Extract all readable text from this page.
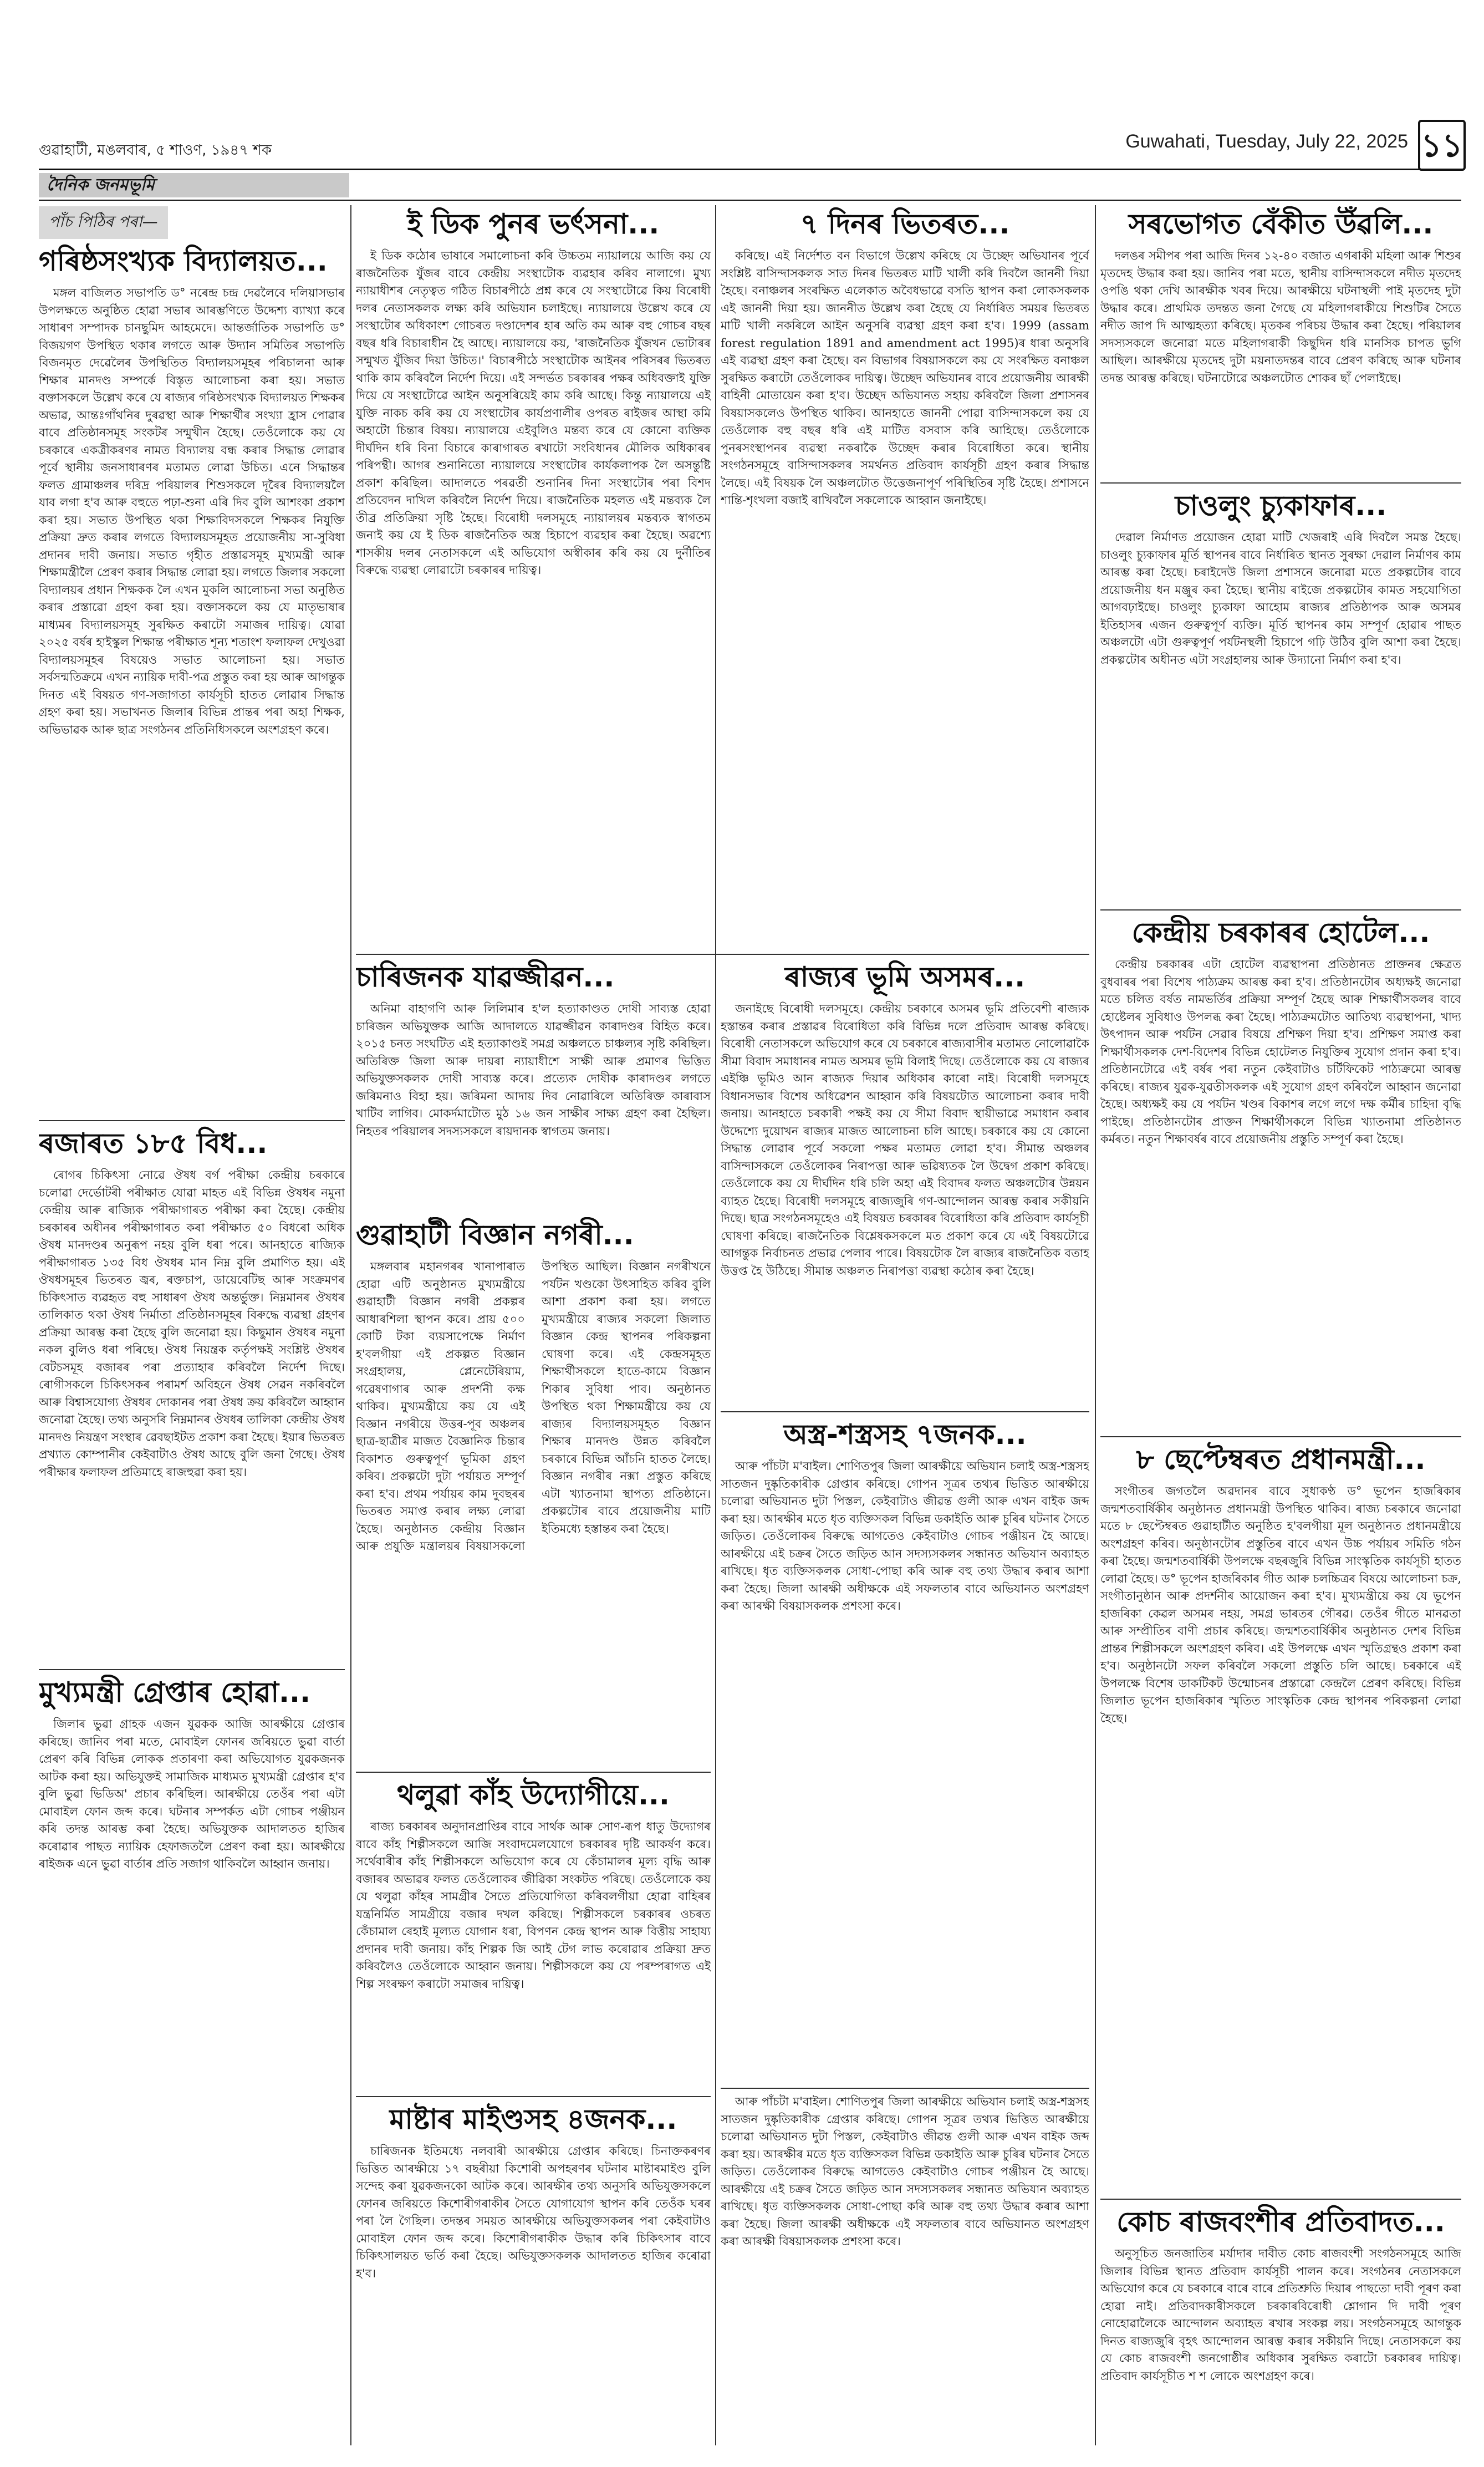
গুৱাহাটী, মঙলবাৰ, ৫ শাওণ, ১৯৪৭ শক	Guwahati, Tuesday, July 22, 2025 ১১
দৈনিক জনমভূমি
পাঁচ পিঠিৰ পৰা—
গৰিষ্ঠসংখ্যক বিদ্যালয়ত...

মঙ্গল বাজিলত সভাপতি ড° নৰেন্দ্ৰ চন্দ্ৰ দেৱলৈবে দলিয়াসভাৰ উপলক্ষতে অনুষ্ঠিত হোৱা সভাৰ আৰম্ভণিতে উদ্দেশ্য ব্যাখ্যা কৰে সাধাৰণ সম্পাদক চানছুমিদ আহমেদে। আন্তৰ্জাতিক সভাপতি ড° বিজয়গণ উপস্থিত থকাৰ লগতে আৰু উদ্যান সমিতিৰ সভাপতি বিজনমৃত দেৱেলৈৰ উপস্থিতিত বিদ্যালয়সমূহৰ পৰিচালনা আৰু শিক্ষাৰ মানদণ্ড সম্পৰ্কে বিস্তৃত আলোচনা কৰা হয়। সভাত বক্তাসকলে উল্লেখ কৰে যে ৰাজ্যৰ গৰিষ্ঠসংখ্যক বিদ্যালয়ত শিক্ষকৰ অভাৱ, আন্তঃগাঁথনিৰ দুৰৱস্থা আৰু শিক্ষাৰ্থীৰ সংখ্যা হ্ৰাস পোৱাৰ বাবে প্ৰতিষ্ঠানসমূহ সংকটৰ সন্মুখীন হৈছে। তেওঁলোকে কয় যে চৰকাৰে একত্ৰীকৰণৰ নামত বিদ্যালয় বন্ধ কৰাৰ সিদ্ধান্ত লোৱাৰ পূৰ্বে স্থানীয় জনসাধাৰণৰ মতামত লোৱা উচিত। এনে সিদ্ধান্তৰ ফলত গ্ৰামাঞ্চলৰ দৰিদ্ৰ পৰিয়ালৰ শিশুসকলে দূৰৈৰ বিদ্যালয়লৈ যাব লগা হ'ব আৰু বহুতে পঢ়া-শুনা এৰি দিব বুলি আশংকা প্ৰকাশ কৰা হয়। সভাত উপস্থিত থকা শিক্ষাবিদসকলে শিক্ষকৰ নিযুক্তি প্ৰক্ৰিয়া দ্ৰুত কৰাৰ লগতে বিদ্যালয়সমূহত প্ৰয়োজনীয় সা-সুবিধা প্ৰদানৰ দাবী জনায়। সভাত গৃহীত প্ৰস্তাৱসমূহ মুখ্যমন্ত্ৰী আৰু শিক্ষামন্ত্ৰীলৈ প্ৰেৰণ কৰাৰ সিদ্ধান্ত লোৱা হয়। লগতে জিলাৰ সকলো বিদ্যালয়ৰ প্ৰধান শিক্ষকক লৈ এখন মুকলি আলোচনা সভা অনুষ্ঠিত কৰাৰ প্ৰস্তাৱো গ্ৰহণ কৰা হয়। বক্তাসকলে কয় যে মাতৃভাষাৰ মাধ্যমৰ বিদ্যালয়সমূহ সুৰক্ষিত কৰাটো সমাজৰ দায়িত্ব। যোৱা ২০২৫ বৰ্ষৰ হাইস্কুল শিক্ষান্ত পৰীক্ষাত শূন্য শতাংশ ফলাফল দেখুওৱা বিদ্যালয়সমূহৰ বিষয়েও সভাত আলোচনা হয়। সভাত সৰ্বসন্মতিক্ৰমে এখন ন্যায়িক দাবী-পত্ৰ প্ৰস্তুত কৰা হয় আৰু আগন্তুক দিনত এই বিষয়ত গণ-সজাগতা কাৰ্যসূচী হাতত লোৱাৰ সিদ্ধান্ত গ্ৰহণ কৰা হয়। সভাখনত জিলাৰ বিভিন্ন প্ৰান্তৰ পৰা অহা শিক্ষক, অভিভাৱক আৰু ছাত্ৰ সংগঠনৰ প্ৰতিনিধিসকলে অংশগ্ৰহণ কৰে।

ৰজাৰত ১৮৫ বিধ...

ৰোগৰ চিকিৎসা নোৱে ঔষধ বৰ্গ পৰীক্ষা কেন্দ্ৰীয় চৰকাৰে চলোৱা দেৰ্ভোটৰী পৰীক্ষাত যোৱা মাহত এই বিভিন্ন ঔষধৰ নমুনা কেন্দ্ৰীয় আৰু ৰাজ্যিক পৰীক্ষাগাৰত পৰীক্ষা কৰা হৈছে। কেন্দ্ৰীয় চৰকাৰৰ অধীনৰ পৰীক্ষাগাৰত কৰা পৰীক্ষাত ৫০ বিধৰো অধিক ঔষধ মানদণ্ডৰ অনুৰূপ নহয় বুলি ধৰা পৰে। আনহাতে ৰাজ্যিক পৰীক্ষাগাৰত ১৩৫ বিধ ঔষধৰ মান নিম্ন বুলি প্ৰমাণিত হয়। এই ঔষধসমূহৰ ভিতৰত জ্বৰ, ৰক্তচাপ, ডায়েবেটিছ আৰু সংক্ৰমণৰ চিকিৎসাত ব্যৱহৃত বহু সাধাৰণ ঔষধ অন্তৰ্ভুক্ত। নিম্নমানৰ ঔষধৰ তালিকাত থকা ঔষধ নিৰ্মাতা প্ৰতিষ্ঠানসমূহৰ বিৰুদ্ধে ব্যৱস্থা গ্ৰহণৰ প্ৰক্ৰিয়া আৰম্ভ কৰা হৈছে বুলি জনোৱা হয়। কিছুমান ঔষধৰ নমুনা নকল বুলিও ধৰা পৰিছে। ঔষধ নিয়ন্ত্ৰক কৰ্তৃপক্ষই সংশ্লিষ্ট ঔষধৰ বেটচসমূহ বজাৰৰ পৰা প্ৰত্যাহাৰ কৰিবলৈ নিৰ্দেশ দিছে। ৰোগীসকলে চিকিৎসকৰ পৰামৰ্শ অবিহনে ঔষধ সেৱন নকৰিবলৈ আৰু বিশ্বাসযোগ্য ঔষধৰ দোকানৰ পৰা ঔষধ ক্ৰয় কৰিবলৈ আহ্বান জনোৱা হৈছে। তথ্য অনুসৰি নিম্নমানৰ ঔষধৰ তালিকা কেন্দ্ৰীয় ঔষধ মানদণ্ড নিয়ন্ত্ৰণ সংস্থাৰ ৱেবছাইটত প্ৰকাশ কৰা হৈছে। ইয়াৰ ভিতৰত প্ৰখ্যাত কোম্পানীৰ কেইবাটাও ঔষধ আছে বুলি জনা গৈছে। ঔষধ পৰীক্ষাৰ ফলাফল প্ৰতিমাহে ৰাজহুৱা কৰা হয়।

মুখ্যমন্ত্ৰী গ্ৰেপ্তাৰ হোৱা...

জিলাৰ ভুৱা গ্ৰাহক এজন যুৱকক আজি আৰক্ষীয়ে গ্ৰেপ্তাৰ কৰিছে। জানিব পৰা মতে, মোবাইল ফোনৰ জৰিয়তে ভুৱা বাৰ্তা প্ৰেৰণ কৰি বিভিন্ন লোকক প্ৰতাৰণা কৰা অভিযোগত যুৱকজনক আটক কৰা হয়। অভিযুক্তই সামাজিক মাধ্যমত মুখ্যমন্ত্ৰী গ্ৰেপ্তাৰ হ'ব বুলি ভুৱা ভিডিঅ' প্ৰচাৰ কৰিছিল। আৰক্ষীয়ে তেওঁৰ পৰা এটা মোবাইল ফোন জব্দ কৰে। ঘটনাৰ সম্পৰ্কত এটা গোচৰ পঞ্জীয়ন কৰি তদন্ত আৰম্ভ কৰা হৈছে। অভিযুক্তক আদালতত হাজিৰ কৰোৱাৰ পাছত ন্যায়িক হেফাজতলৈ প্ৰেৰণ কৰা হয়। আৰক্ষীয়ে ৰাইজক এনে ভুৱা বাৰ্তাৰ প্ৰতি সজাগ থাকিবলৈ আহ্বান জনায়।

ই ডিক পুনৰ ভৰ্ৎসনা...

ই ডিক কঠোৰ ভাষাৰে সমালোচনা কৰি উচ্চতম ন্যায়ালয়ে আজি কয় যে ৰাজনৈতিক যুঁজৰ বাবে কেন্দ্ৰীয় সংস্থাটোক ব্যৱহাৰ কৰিব নালাগে। মুখ্য ন্যায়াধীশৰ নেতৃত্বত গঠিত বিচাৰপীঠে প্ৰশ্ন কৰে যে সংস্থাটোৱে কিয় বিৰোধী দলৰ নেতাসকলক লক্ষ্য কৰি অভিযান চলাইছে। ন্যায়ালয়ে উল্লেখ কৰে যে সংস্থাটোৰ অধিকাংশ গোচৰত দণ্ডাদেশৰ হাৰ অতি কম আৰু বহু গোচৰ বছৰ বছৰ ধৰি বিচাৰাধীন হৈ আছে। ন্যায়ালয়ে কয়, 'ৰাজনৈতিক যুঁজখন ভোটাৰৰ সন্মুখত যুঁজিব দিয়া উচিত।' বিচাৰপীঠে সংস্থাটোক আইনৰ পৰিসৰৰ ভিতৰত থাকি কাম কৰিবলৈ নিৰ্দেশ দিয়ে। এই সন্দৰ্ভত চৰকাৰৰ পক্ষৰ অধিবক্তাই যুক্তি দিয়ে যে সংস্থাটোৱে আইন অনুসৰিয়েই কাম কৰি আছে। কিন্তু ন্যায়ালয়ে এই যুক্তি নাকচ কৰি কয় যে সংস্থাটোৰ কাৰ্যপ্ৰণালীৰ ওপৰত ৰাইজৰ আস্থা কমি অহাটো চিন্তাৰ বিষয়। ন্যায়ালয়ে এইবুলিও মন্তব্য কৰে যে কোনো ব্যক্তিক দীৰ্ঘদিন ধৰি বিনা বিচাৰে কাৰাগাৰত ৰখাটো সংবিধানৰ মৌলিক অধিকাৰৰ পৰিপন্থী। আগৰ শুনানিতো ন্যায়ালয়ে সংস্থাটোৰ কাৰ্যকলাপক লৈ অসন্তুষ্টি প্ৰকাশ কৰিছিল। আদালতে পৰৱৰ্তী শুনানিৰ দিনা সংস্থাটোৰ পৰা বিশদ প্ৰতিবেদন দাখিল কৰিবলৈ নিৰ্দেশ দিয়ে। ৰাজনৈতিক মহলত এই মন্তব্যক লৈ তীব্ৰ প্ৰতিক্ৰিয়া সৃষ্টি হৈছে। বিৰোধী দলসমূহে ন্যায়ালয়ৰ মন্তব্যক স্বাগতম জনাই কয় যে ই ডিক ৰাজনৈতিক অস্ত্ৰ হিচাপে ব্যৱহাৰ কৰা হৈছে। অৱশ্যে শাসকীয় দলৰ নেতাসকলে এই অভিযোগ অস্বীকাৰ কৰি কয় যে দুৰ্নীতিৰ বিৰুদ্ধে ব্যৱস্থা লোৱাটো চৰকাৰৰ দায়িত্ব।

৭ দিনৰ ভিতৰত...

কৰিছে। এই নিৰ্দেশত বন বিভাগে উল্লেখ কৰিছে যে উচ্ছেদ অভিযানৰ পূৰ্বে সংশ্লিষ্ট বাসিন্দাসকলক সাত দিনৰ ভিতৰত মাটি খালী কৰি দিবলৈ জাননী দিয়া হৈছে। বনাঞ্চলৰ সংৰক্ষিত এলেকাত অবৈধভাৱে বসতি স্থাপন কৰা লোকসকলক এই জাননী দিয়া হয়। জাননীত উল্লেখ কৰা হৈছে যে নিৰ্ধাৰিত সময়ৰ ভিতৰত মাটি খালী নকৰিলে আইন অনুসৰি ব্যৱস্থা গ্ৰহণ কৰা হ'ব। 1999 (assam forest regulation 1891 and amendment act 1995)ৰ ধাৰা অনুসৰি এই ব্যৱস্থা গ্ৰহণ কৰা হৈছে। বন বিভাগৰ বিষয়াসকলে কয় যে সংৰক্ষিত বনাঞ্চল সুৰক্ষিত কৰাটো তেওঁলোকৰ দায়িত্ব। উচ্ছেদ অভিযানৰ বাবে প্ৰয়োজনীয় আৰক্ষী বাহিনী মোতায়েন কৰা হ'ব। উচ্ছেদ অভিযানত সহায় কৰিবলৈ জিলা প্ৰশাসনৰ বিষয়াসকলেও উপস্থিত থাকিব। আনহাতে জাননী পোৱা বাসিন্দাসকলে কয় যে তেওঁলোক বহু বছৰ ধৰি এই মাটিত বসবাস কৰি আহিছে। তেওঁলোকে পুনৰসংস্থাপনৰ ব্যৱস্থা নকৰাকৈ উচ্ছেদ কৰাৰ বিৰোধিতা কৰে। স্থানীয় সংগঠনসমূহে বাসিন্দাসকলৰ সমৰ্থনত প্ৰতিবাদ কাৰ্যসূচী গ্ৰহণ কৰাৰ সিদ্ধান্ত লৈছে। এই বিষয়ক লৈ অঞ্চলটোত উত্তেজনাপূৰ্ণ পৰিস্থিতিৰ সৃষ্টি হৈছে। প্ৰশাসনে শান্তি-শৃংখলা বজাই ৰাখিবলৈ সকলোকে আহ্বান জনাইছে।

চাৰিজনক যাৱজ্জীৱন...

অনিমা বাহাগণি আৰু লিলিমাৰ হ'ল হত্যাকাণ্ডত দোষী সাব্যস্ত হোৱা চাৰিজন অভিযুক্তক আজি আদালতে যাৱজ্জীৱন কাৰাদণ্ডৰ বিহিত কৰে। ২০১৫ চনত সংঘটিত এই হত্যাকাণ্ডই সমগ্ৰ অঞ্চলতে চাঞ্চল্যৰ সৃষ্টি কৰিছিল। অতিৰিক্ত জিলা আৰু দায়ৰা ন্যায়াধীশে সাক্ষী আৰু প্ৰমাণৰ ভিত্তিত অভিযুক্তসকলক দোষী সাব্যস্ত কৰে। প্ৰত্যেক দোষীক কাৰাদণ্ডৰ লগতে জৰিমনাও বিহা হয়। জৰিমনা আদায় দিব নোৱাৰিলে অতিৰিক্ত কাৰাবাস খাটিব লাগিব। মোকৰ্দমাটোত মুঠ ১৬ জন সাক্ষীৰ সাক্ষ্য গ্ৰহণ কৰা হৈছিল। নিহতৰ পৰিয়ালৰ সদস্যসকলে ৰায়দানক স্বাগতম জনায়।

গুৱাহাটী বিজ্ঞান নগৰী...

মঙ্গলবাৰ মহানগৰৰ খানাপাৰাত হোৱা এটি অনুষ্ঠানত মুখ্যমন্ত্ৰীয়ে গুৱাহাটী বিজ্ঞান নগৰী প্ৰকল্পৰ আধাৰশিলা স্থাপন কৰে। প্ৰায় ৫০০ কোটি টকা ব্যয়সাপেক্ষে নিৰ্মাণ হ'বলগীয়া এই প্ৰকল্পত বিজ্ঞান সংগ্ৰহালয়, প্লেনেটেৰিয়াম, গৱেষণাগাৰ আৰু প্ৰদৰ্শনী কক্ষ থাকিব। মুখ্যমন্ত্ৰীয়ে কয় যে এই বিজ্ঞান নগৰীয়ে উত্তৰ-পূব অঞ্চলৰ ছাত্ৰ-ছাত্ৰীৰ মাজত বৈজ্ঞানিক চিন্তাৰ বিকাশত গুৰুত্বপূৰ্ণ ভূমিকা গ্ৰহণ কৰিব। প্ৰকল্পটো দুটা পৰ্যায়ত সম্পূৰ্ণ কৰা হ'ব। প্ৰথম পৰ্যায়ৰ কাম দুবছৰৰ ভিতৰত সমাপ্ত কৰাৰ লক্ষ্য লোৱা হৈছে। অনুষ্ঠানত কেন্দ্ৰীয় বিজ্ঞান আৰু প্ৰযুক্তি মন্ত্ৰালয়ৰ বিষয়াসকলো উপস্থিত আছিল। বিজ্ঞান নগৰীখনে পৰ্যটন খণ্ডকো উৎসাহিত কৰিব বুলি আশা প্ৰকাশ কৰা হয়। লগতে মুখ্যমন্ত্ৰীয়ে ৰাজ্যৰ সকলো জিলাত বিজ্ঞান কেন্দ্ৰ স্থাপনৰ পৰিকল্পনা ঘোষণা কৰে। এই কেন্দ্ৰসমূহত শিক্ষাৰ্থীসকলে হাতে-কামে বিজ্ঞান শিকাৰ সুবিধা পাব। অনুষ্ঠানত উপস্থিত থকা শিক্ষামন্ত্ৰীয়ে কয় যে ৰাজ্যৰ বিদ্যালয়সমূহত বিজ্ঞান শিক্ষাৰ মানদণ্ড উন্নত কৰিবলৈ চৰকাৰে বিভিন্ন আঁচনি হাতত লৈছে। বিজ্ঞান নগৰীৰ নক্সা প্ৰস্তুত কৰিছে এটা খ্যাতনামা স্থাপত্য প্ৰতিষ্ঠানে। প্ৰকল্পটোৰ বাবে প্ৰয়োজনীয় মাটি ইতিমধ্যে হস্তান্তৰ কৰা হৈছে।

থলুৱা কাঁহ উদ্যোগীয়ে...

ৰাজ্য চৰকাৰৰ অনুদানপ্ৰাপ্তিৰ বাবে সাৰ্থক আৰু সোণ-ৰূপ ধাতু উদ্যোগৰ বাবে কাঁহ শিল্পীসকলে আজি সংবাদমেলযোগে চৰকাৰৰ দৃষ্টি আকৰ্ষণ কৰে। সৰ্থেবাৰীৰ কাঁহ শিল্পীসকলে অভিযোগ কৰে যে কেঁচামালৰ মূল্য বৃদ্ধি আৰু বজাৰৰ অভাৱৰ ফলত তেওঁলোকৰ জীৱিকা সংকটত পৰিছে। তেওঁলোকে কয় যে থলুৱা কাঁহৰ সামগ্ৰীৰ সৈতে প্ৰতিযোগিতা কৰিবলগীয়া হোৱা বাহিৰৰ যন্ত্ৰনিৰ্মিত সামগ্ৰীয়ে বজাৰ দখল কৰিছে। শিল্পীসকলে চৰকাৰৰ ওচৰত কেঁচামাল ৰেহাই মূল্যত যোগান ধৰা, বিপণন কেন্দ্ৰ স্থাপন আৰু বিত্তীয় সাহায্য প্ৰদানৰ দাবী জনায়। কাঁহ শিল্পক জি আই টেগ লাভ কৰোৱাৰ প্ৰক্ৰিয়া দ্ৰুত কৰিবলৈও তেওঁলোকে আহ্বান জনায়। শিল্পীসকলে কয় যে পৰম্পৰাগত এই শিল্প সংৰক্ষণ কৰাটো সমাজৰ দায়িত্ব।

মাষ্টাৰ মাইণ্ডসহ ৪জনক...

চাৰিজনক ইতিমধ্যে নলবাৰী আৰক্ষীয়ে গ্ৰেপ্তাৰ কৰিছে। চিনাক্তকৰণৰ ভিত্তিত আৰক্ষীয়ে ১৭ বছৰীয়া কিশোৰী অপহৰণৰ ঘটনাৰ মাষ্টাৰমাইণ্ড বুলি সন্দেহ কৰা যুৱকজনকো আটক কৰে। আৰক্ষীৰ তথ্য অনুসৰি অভিযুক্তসকলে ফোনৰ জৰিয়তে কিশোৰীগৰাকীৰ সৈতে যোগাযোগ স্থাপন কৰি তেওঁক ঘৰৰ পৰা লৈ গৈছিল। তদন্তৰ সময়ত আৰক্ষীয়ে অভিযুক্তসকলৰ পৰা কেইবাটাও মোবাইল ফোন জব্দ কৰে। কিশোৰীগৰাকীক উদ্ধাৰ কৰি চিকিৎসাৰ বাবে চিকিৎসালয়ত ভৰ্তি কৰা হৈছে। অভিযুক্তসকলক আদালতত হাজিৰ কৰোৱা হ'ব।

ৰাজ্যৰ ভূমি অসমৰ...

জনাইছে বিৰোধী দলসমূহে। কেন্দ্ৰীয় চৰকাৰে অসমৰ ভূমি প্ৰতিবেশী ৰাজ্যক হস্তান্তৰ কৰাৰ প্ৰস্তাৱৰ বিৰোধিতা কৰি বিভিন্ন দলে প্ৰতিবাদ আৰম্ভ কৰিছে। বিৰোধী নেতাসকলে অভিযোগ কৰে যে চৰকাৰে ৰাজ্যবাসীৰ মতামত নোলোৱাকৈ সীমা বিবাদ সমাধানৰ নামত অসমৰ ভূমি বিলাই দিছে। তেওঁলোকে কয় যে ৰাজ্যৰ এইঞ্চি ভূমিও আন ৰাজ্যক দিয়াৰ অধিকাৰ কাৰো নাই। বিৰোধী দলসমূহে বিধানসভাৰ বিশেষ অধিৱেশন আহ্বান কৰি বিষয়টোত আলোচনা কৰাৰ দাবী জনায়। আনহাতে চৰকাৰী পক্ষই কয় যে সীমা বিবাদ স্থায়ীভাৱে সমাধান কৰাৰ উদ্দেশ্যে দুয়োখন ৰাজ্যৰ মাজত আলোচনা চলি আছে। চৰকাৰে কয় যে কোনো সিদ্ধান্ত লোৱাৰ পূৰ্বে সকলো পক্ষৰ মতামত লোৱা হ'ব। সীমান্ত অঞ্চলৰ বাসিন্দাসকলে তেওঁলোকৰ নিৰাপত্তা আৰু ভৱিষ্যতক লৈ উদ্বেগ প্ৰকাশ কৰিছে। তেওঁলোকে কয় যে দীৰ্ঘদিন ধৰি চলি অহা এই বিবাদৰ ফলত অঞ্চলটোৰ উন্নয়ন ব্যাহত হৈছে। বিৰোধী দলসমূহে ৰাজ্যজুৰি গণ-আন্দোলন আৰম্ভ কৰাৰ সকীয়নি দিছে। ছাত্ৰ সংগঠনসমূহেও এই বিষয়ত চৰকাৰৰ বিৰোধিতা কৰি প্ৰতিবাদ কাৰ্যসূচী ঘোষণা কৰিছে। ৰাজনৈতিক বিশ্লেষকসকলে মত প্ৰকাশ কৰে যে এই বিষয়টোৱে আগন্তুক নিৰ্বাচনত প্ৰভাৱ পেলাব পাৰে। বিষয়টোক লৈ ৰাজ্যৰ ৰাজনৈতিক বতাহ উত্তপ্ত হৈ উঠিছে। সীমান্ত অঞ্চলত নিৰাপত্তা ব্যৱস্থা কঠোৰ কৰা হৈছে।

অস্ত্ৰ-শস্ত্ৰসহ ৭জনক...

আৰু পাঁচটা ম'বাইল। শোণিতপুৰ জিলা আৰক্ষীয়ে অভিযান চলাই অস্ত্ৰ-শস্ত্ৰসহ সাতজন দুষ্কৃতিকাৰীক গ্ৰেপ্তাৰ কৰিছে। গোপন সূত্ৰৰ তথ্যৰ ভিত্তিত আৰক্ষীয়ে চলোৱা অভিযানত দুটা পিস্তল, কেইবাটাও জীৱন্ত গুলী আৰু এখন বাইক জব্দ কৰা হয়। আৰক্ষীৰ মতে ধৃত ব্যক্তিসকল বিভিন্ন ডকাইতি আৰু চুৰিৰ ঘটনাৰ সৈতে জড়িত। তেওঁলোকৰ বিৰুদ্ধে আগতেও কেইবাটাও গোচৰ পঞ্জীয়ন হৈ আছে। আৰক্ষীয়ে এই চক্ৰৰ সৈতে জড়িত আন সদস্যসকলৰ সন্ধানত অভিযান অব্যাহত ৰাখিছে। ধৃত ব্যক্তিসকলক সোধা-পোছা কৰি আৰু বহু তথ্য উদ্ধাৰ কৰাৰ আশা কৰা হৈছে। জিলা আৰক্ষী অধীক্ষকে এই সফলতাৰ বাবে অভিযানত অংশগ্ৰহণ কৰা আৰক্ষী বিষয়াসকলক প্ৰশংসা কৰে।

আৰু পাঁচটা ম'বাইল। শোণিতপুৰ জিলা আৰক্ষীয়ে অভিযান চলাই অস্ত্ৰ-শস্ত্ৰসহ সাতজন দুষ্কৃতিকাৰীক গ্ৰেপ্তাৰ কৰিছে। গোপন সূত্ৰৰ তথ্যৰ ভিত্তিত আৰক্ষীয়ে চলোৱা অভিযানত দুটা পিস্তল, কেইবাটাও জীৱন্ত গুলী আৰু এখন বাইক জব্দ কৰা হয়। আৰক্ষীৰ মতে ধৃত ব্যক্তিসকল বিভিন্ন ডকাইতি আৰু চুৰিৰ ঘটনাৰ সৈতে জড়িত। তেওঁলোকৰ বিৰুদ্ধে আগতেও কেইবাটাও গোচৰ পঞ্জীয়ন হৈ আছে। আৰক্ষীয়ে এই চক্ৰৰ সৈতে জড়িত আন সদস্যসকলৰ সন্ধানত অভিযান অব্যাহত ৰাখিছে। ধৃত ব্যক্তিসকলক সোধা-পোছা কৰি আৰু বহু তথ্য উদ্ধাৰ কৰাৰ আশা কৰা হৈছে। জিলা আৰক্ষী অধীক্ষকে এই সফলতাৰ বাবে অভিযানত অংশগ্ৰহণ কৰা আৰক্ষী বিষয়াসকলক প্ৰশংসা কৰে।

সৰভোগত বেঁকীত উঁৱলি...

দলঙৰ সমীপৰ পৰা আজি দিনৰ ১২-৪০ বজাত এগৰাকী মহিলা আৰু শিশুৰ মৃতদেহ উদ্ধাৰ কৰা হয়। জানিব পৰা মতে, স্থানীয় বাসিন্দাসকলে নদীত মৃতদেহ ওপঙি থকা দেখি আৰক্ষীক খবৰ দিয়ে। আৰক্ষীয়ে ঘটনাস্থলী পাই মৃতদেহ দুটা উদ্ধাৰ কৰে। প্ৰাথমিক তদন্তত জনা গৈছে যে মহিলাগৰাকীয়ে শিশুটিৰ সৈতে নদীত জাপ দি আত্মহত্যা কৰিছে। মৃতকৰ পৰিচয় উদ্ধাৰ কৰা হৈছে। পৰিয়ালৰ সদস্যসকলে জনোৱা মতে মহিলাগৰাকী কিছুদিন ধৰি মানসিক চাপত ভুগি আছিল। আৰক্ষীয়ে মৃতদেহ দুটা ময়নাতদন্তৰ বাবে প্ৰেৰণ কৰিছে আৰু ঘটনাৰ তদন্ত আৰম্ভ কৰিছে। ঘটনাটোৱে অঞ্চলটোত শোকৰ ছাঁ পেলাইছে।

চাওলুং চ্যুকাফাৰ...

দেৱাল নিৰ্মাণত প্ৰয়োজন হোৱা মাটি খেজৰাই এৰি দিবলৈ সমস্ত হৈছে। চাওলুং চ্যুকাফাৰ মূৰ্তি স্থাপনৰ বাবে নিৰ্ধাৰিত স্থানত সুৰক্ষা দেৱাল নিৰ্মাণৰ কাম আৰম্ভ কৰা হৈছে। চৰাইদেউ জিলা প্ৰশাসনে জনোৱা মতে প্ৰকল্পটোৰ বাবে প্ৰয়োজনীয় ধন মঞ্জুৰ কৰা হৈছে। স্থানীয় ৰাইজে প্ৰকল্পটোৰ কামত সহযোগিতা আগবঢ়াইছে। চাওলুং চ্যুকাফা আহোম ৰাজ্যৰ প্ৰতিষ্ঠাপক আৰু অসমৰ ইতিহাসৰ এজন গুৰুত্বপূৰ্ণ ব্যক্তি। মূৰ্তি স্থাপনৰ কাম সম্পূৰ্ণ হোৱাৰ পাছত অঞ্চলটো এটা গুৰুত্বপূৰ্ণ পৰ্যটনস্থলী হিচাপে গঢ়ি উঠিব বুলি আশা কৰা হৈছে। প্ৰকল্পটোৰ অধীনত এটা সংগ্ৰহালয় আৰু উদ্যানো নিৰ্মাণ কৰা হ'ব।

কেন্দ্ৰীয় চৰকাৰৰ হোটেল...

কেন্দ্ৰীয় চৰকাৰৰ এটা হোটেল ব্যৱস্থাপনা প্ৰতিষ্ঠানত প্ৰাক্তনৰ ক্ষেত্ৰত বুধবাৰৰ পৰা বিশেষ পাঠ্যক্ৰম আৰম্ভ কৰা হ'ব। প্ৰতিষ্ঠানটোৰ অধ্যক্ষই জনোৱা মতে চলিত বৰ্ষত নামভৰ্তিৰ প্ৰক্ৰিয়া সম্পূৰ্ণ হৈছে আৰু শিক্ষাৰ্থীসকলৰ বাবে হোষ্টেলৰ সুবিধাও উপলব্ধ কৰা হৈছে। পাঠ্যক্ৰমটোত আতিথ্য ব্যৱস্থাপনা, খাদ্য উৎপাদন আৰু পৰ্যটন সেৱাৰ বিষয়ে প্ৰশিক্ষণ দিয়া হ'ব। প্ৰশিক্ষণ সমাপ্ত কৰা শিক্ষাৰ্থীসকলক দেশ-বিদেশৰ বিভিন্ন হোটেলত নিযুক্তিৰ সুযোগ প্ৰদান কৰা হ'ব। প্ৰতিষ্ঠানটোৱে এই বৰ্ষৰ পৰা নতুন কেইবাটাও চৰ্টিফিকেট পাঠ্যক্ৰমো আৰম্ভ কৰিছে। ৰাজ্যৰ যুৱক-যুৱতীসকলক এই সুযোগ গ্ৰহণ কৰিবলৈ আহ্বান জনোৱা হৈছে। অধ্যক্ষই কয় যে পৰ্যটন খণ্ডৰ বিকাশৰ লগে লগে দক্ষ কৰ্মীৰ চাহিদা বৃদ্ধি পাইছে। প্ৰতিষ্ঠানটোৰ প্ৰাক্তন শিক্ষাৰ্থীসকলে বিভিন্ন খ্যাতনামা প্ৰতিষ্ঠানত কৰ্মৰত। নতুন শিক্ষাবৰ্ষৰ বাবে প্ৰয়োজনীয় প্ৰস্তুতি সম্পূৰ্ণ কৰা হৈছে।

৮ ছেপ্টেম্বৰত প্ৰধানমন্ত্ৰী...

সংগীতৰ জগতলৈ অৱদানৰ বাবে সুধাকণ্ঠ ড° ভূপেন হাজৰিকাৰ জন্মশতবাৰ্ষিকীৰ অনুষ্ঠানত প্ৰধানমন্ত্ৰী উপস্থিত থাকিব। ৰাজ্য চৰকাৰে জনোৱা মতে ৮ ছেপ্টেম্বৰত গুৱাহাটীত অনুষ্ঠিত হ'বলগীয়া মূল অনুষ্ঠানত প্ৰধানমন্ত্ৰীয়ে অংশগ্ৰহণ কৰিব। অনুষ্ঠানটোৰ প্ৰস্তুতিৰ বাবে এখন উচ্চ পৰ্যায়ৰ সমিতি গঠন কৰা হৈছে। জন্মশতবাৰ্ষিকী উপলক্ষে বছৰজুৰি বিভিন্ন সাংস্কৃতিক কাৰ্যসূচী হাতত লোৱা হৈছে। ড° ভূপেন হাজৰিকাৰ গীত আৰু চলচ্চিত্ৰৰ বিষয়ে আলোচনা চক্ৰ, সংগীতানুষ্ঠান আৰু প্ৰদৰ্শনীৰ আয়োজন কৰা হ'ব। মুখ্যমন্ত্ৰীয়ে কয় যে ভূপেন হাজৰিকা কেৱল অসমৰ নহয়, সমগ্ৰ ভাৰতৰ গৌৰৱ। তেওঁৰ গীতে মানৱতা আৰু সম্প্ৰীতিৰ বাণী প্ৰচাৰ কৰিছে। জন্মশতবাৰ্ষিকীৰ অনুষ্ঠানত দেশৰ বিভিন্ন প্ৰান্তৰ শিল্পীসকলে অংশগ্ৰহণ কৰিব। এই উপলক্ষে এখন স্মৃতিগ্ৰন্থও প্ৰকাশ কৰা হ'ব। অনুষ্ঠানটো সফল কৰিবলৈ সকলো প্ৰস্তুতি চলি আছে। চৰকাৰে এই উপলক্ষে বিশেষ ডাকটিকট উন্মোচনৰ প্ৰস্তাৱো কেন্দ্ৰলৈ প্ৰেৰণ কৰিছে। বিভিন্ন জিলাত ভূপেন হাজৰিকাৰ স্মৃতিত সাংস্কৃতিক কেন্দ্ৰ স্থাপনৰ পৰিকল্পনা লোৱা হৈছে।

কোচ ৰাজবংশীৰ প্ৰতিবাদত...

অনুসূচিত জনজাতিৰ মৰ্যাদাৰ দাবীত কোচ ৰাজবংশী সংগঠনসমূহে আজি জিলাৰ বিভিন্ন স্থানত প্ৰতিবাদ কাৰ্যসূচী পালন কৰে। সংগঠনৰ নেতাসকলে অভিযোগ কৰে যে চৰকাৰে বাৰে বাৰে প্ৰতিশ্ৰুতি দিয়াৰ পাছতো দাবী পূৰণ কৰা হোৱা নাই। প্ৰতিবাদকাৰীসকলে চৰকাৰবিৰোধী শ্লোগান দি দাবী পূৰণ নোহোৱালৈকে আন্দোলন অব্যাহত ৰখাৰ সংকল্প লয়। সংগঠনসমূহে আগন্তুক দিনত ৰাজ্যজুৰি বৃহৎ আন্দোলন আৰম্ভ কৰাৰ সকীয়নি দিছে। নেতাসকলে কয় যে কোচ ৰাজবংশী জনগোষ্ঠীৰ অধিকাৰ সুৰক্ষিত কৰাটো চৰকাৰৰ দায়িত্ব। প্ৰতিবাদ কাৰ্যসূচীত শ শ লোকে অংশগ্ৰহণ কৰে।
